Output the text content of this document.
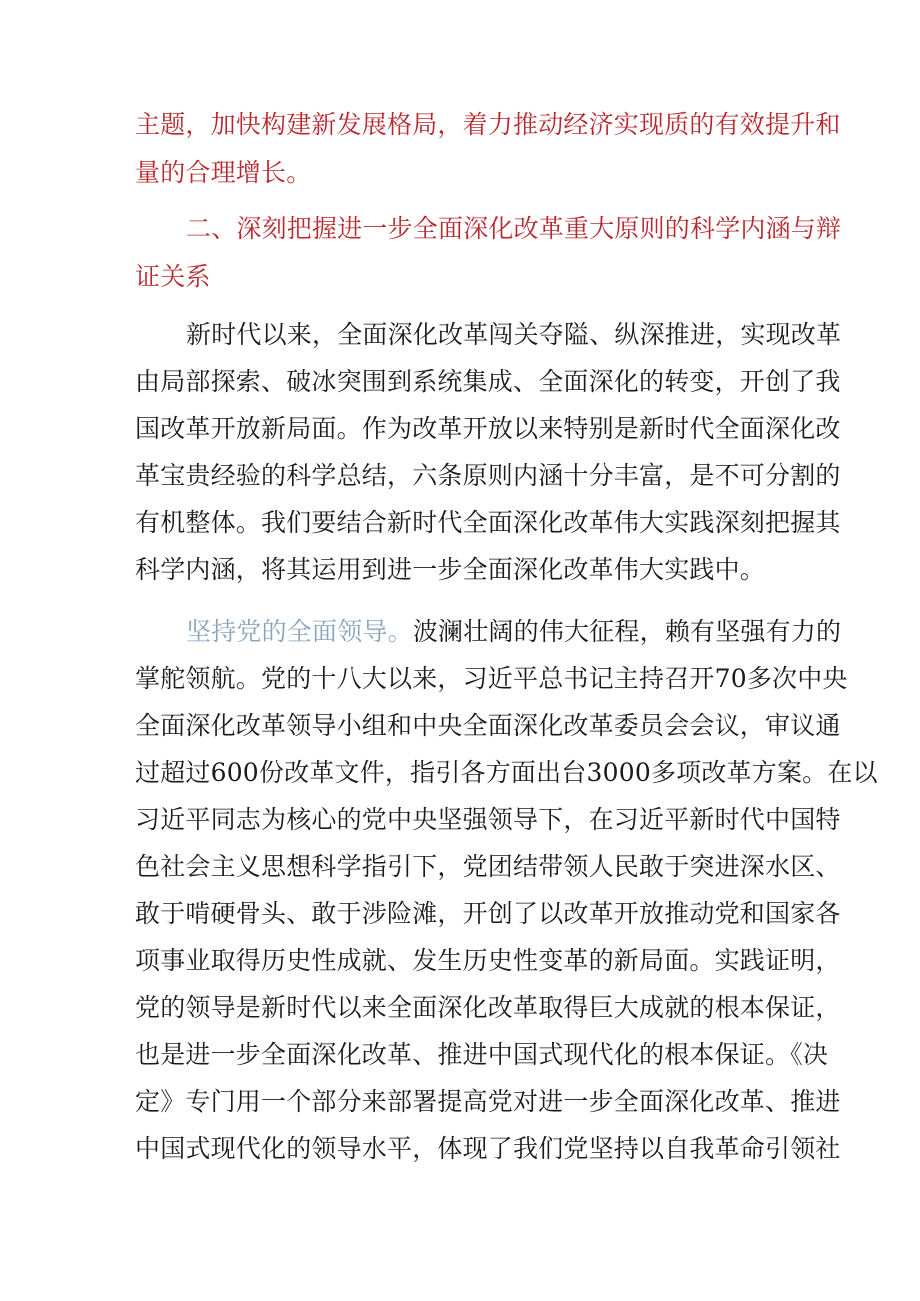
主题，加快构建新发展格局，着力推动经济实现质的有效提升和
量的合理增长。
二、深刻把握进一步全面深化改革重大原则的科学内涵与辩
证关系
新时代以来，全面深化改革闯关夺隘、纵深推进，实现改革
由局部探索、破冰突围到系统集成、全面深化的转变，开创了我
国改革开放新局面。作为改革开放以来特别是新时代全面深化改
革宝贵经验的科学总结，六条原则内涵十分丰富，是不可分割的
有机整体。我们要结合新时代全面深化改革伟大实践深刻把握其
科学内涵，将其运用到进一步全面深化改革伟大实践中。
坚持党的全面领导。 波澜壮阔的伟大征程，赖有坚强有力的
掌舵领航。党的十八大以来，习近平总书记主持召开70多次中央
全面深化改革领导小组和中央全面深化改革委员会会议，审议通
过超过600份改革文件，指引各方面出台3000多项改革方案。在以
习近平同志为核心的党中央坚强领导下，在习近平新时代中国特
色社会主义思想科学指引下，党团结带领人民敢于突进深水区、
敢于啃硬骨头、敢于涉险滩，开创了以改革开放推动党和国家各
项事业取得历史性成就、发生历史性变革的新局面。实践证明，
党的领导是新时代以来全面深化改革取得巨大成就的根本保证，
也是进一步全面深化改革、推进中国式现代化的根本保证。《决
定》专门用一个部分来部署提高党对进一步全面深化改革、推进
中国式现代化的领导水平，体现了我们党坚持以自我革命引领社
